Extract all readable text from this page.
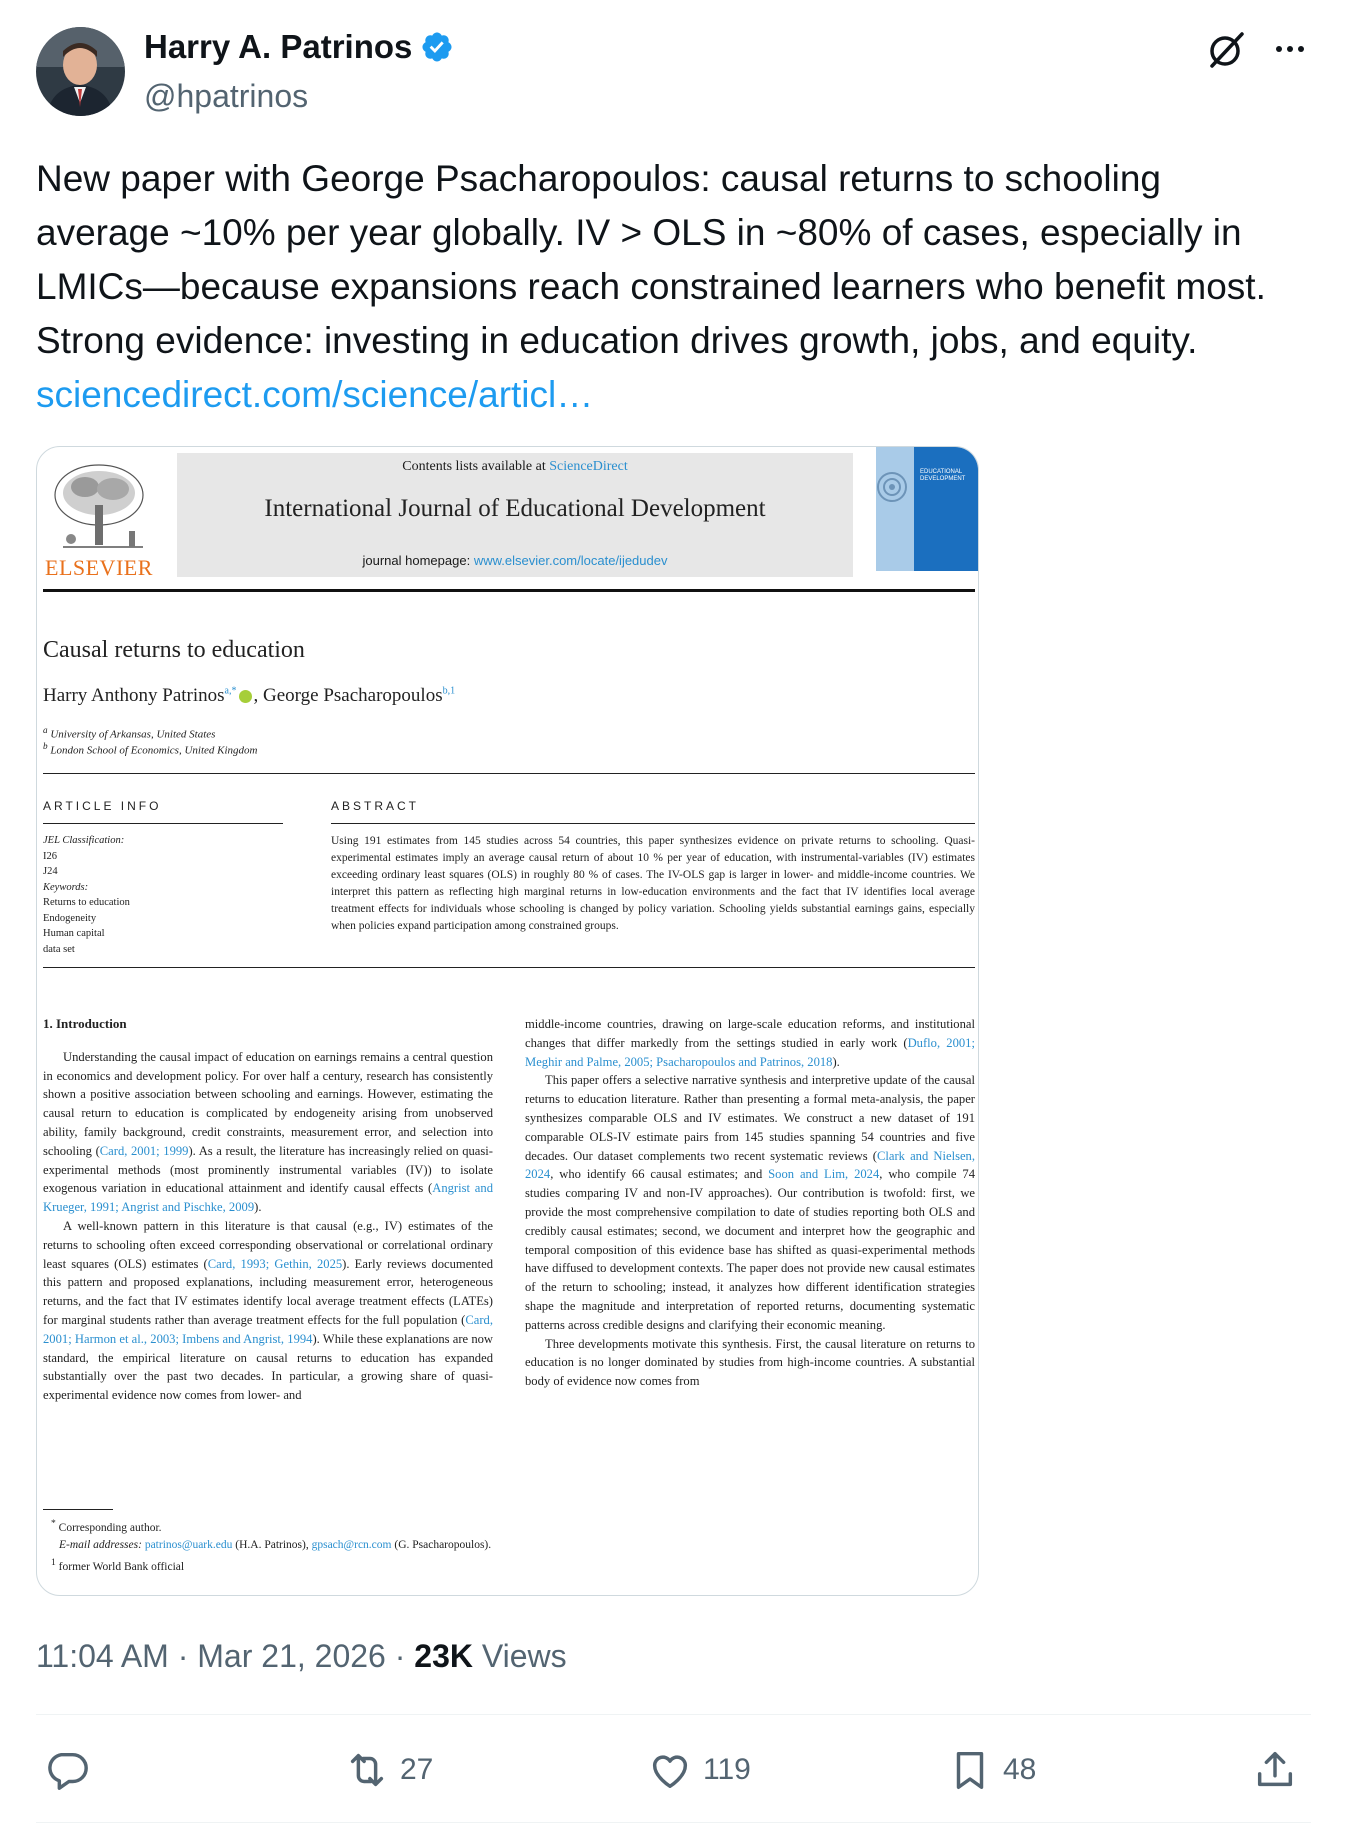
Harry A. Patrinos
@hpatrinos
New paper with George Psacharopoulos: causal returns to schooling
average ~10% per year globally. IV > OLS in ~80% of cases, especially in
LMICs—because expansions reach constrained learners who benefit most.
Strong evidence: investing in education drives growth, jobs, and equity.
sciencedirect.com/science/articl…
ELSEVIER
Contents lists available at ScienceDirect
International Journal of Educational Development
journal homepage: www.elsevier.com/locate/ijedudev
EDUCATIONAL DEVELOPMENT
Causal returns to education
Harry Anthony Patrinos$^{a,*}$ , George Psacharopoulos$^{b,1}$
$^a$ University of Arkansas, United States
$^b$ London School of Economics, United Kingdom
ARTICLE INFO	ABSTRACT
JEL Classification:
I26
J24
Keywords:
Returns to education
Endogeneity
Human capital
data set
Using 191 estimates from 145 studies across 54 countries, this paper synthesizes evidence on private returns to schooling. Quasi-experimental estimates imply an average causal return of about 10 % per year of education, with instrumental-variables (IV) estimates exceeding ordinary least squares (OLS) in roughly 80 % of cases. The IV-OLS gap is larger in lower- and middle-income countries. We interpret this pattern as reflecting high marginal returns in low-education environments and the fact that IV identifies local average treatment effects for individuals whose schooling is changed by policy variation. Schooling yields substantial earnings gains, especially when policies expand participation among constrained groups.
1. Introduction

Understanding the causal impact of education on earnings remains a central question in economics and development policy. For over half a century, research has consistently shown a positive association between schooling and earnings. However, estimating the causal return to education is complicated by endogeneity arising from unobserved ability, family background, credit constraints, measurement error, and selection into schooling (Card, 2001; 1999). As a result, the literature has increasingly relied on quasi-experimental methods (most prominently instrumental variables (IV)) to isolate exogenous variation in educational attainment and identify causal effects (Angrist and Krueger, 1991; Angrist and Pischke, 2009).

A well-known pattern in this literature is that causal (e.g., IV) estimates of the returns to schooling often exceed corresponding observational or correlational ordinary least squares (OLS) estimates (Card, 1993; Gethin, 2025). Early reviews documented this pattern and proposed explanations, including measurement error, heterogeneous returns, and the fact that IV estimates identify local average treatment effects (LATEs) for marginal students rather than average treatment effects for the full population (Card, 2001; Harmon et al., 2003; Imbens and Angrist, 1994). While these explanations are now standard, the empirical literature on causal returns to education has expanded substantially over the past two decades. In particular, a growing share of quasi-experimental evidence now comes from lower- and

middle-income countries, drawing on large-scale education reforms, and institutional changes that differ markedly from the settings studied in early work (Duflo, 2001; Meghir and Palme, 2005; Psacharopoulos and Patrinos, 2018).

This paper offers a selective narrative synthesis and interpretive update of the causal returns to education literature. Rather than presenting a formal meta-analysis, the paper synthesizes comparable OLS and IV estimates. We construct a new dataset of 191 comparable OLS-IV estimate pairs from 145 studies spanning 54 countries and five decades. Our dataset complements two recent systematic reviews (Clark and Nielsen, 2024, who identify 66 causal estimates; and Soon and Lim, 2024, who compile 74 studies comparing IV and non-IV approaches). Our contribution is twofold: first, we provide the most comprehensive compilation to date of studies reporting both OLS and credibly causal estimates; second, we document and interpret how the geographic and temporal composition of this evidence base has shifted as quasi-experimental methods have diffused to development contexts. The paper does not provide new causal estimates of the return to schooling; instead, it analyzes how different identification strategies shape the magnitude and interpretation of reported returns, documenting systematic patterns across credible designs and clarifying their economic meaning.

Three developments motivate this synthesis. First, the causal literature on returns to education is no longer dominated by studies from high-income countries. A substantial body of evidence now comes from

* Corresponding author.
E-mail addresses: patrinos@uark.edu (H.A. Patrinos), gpsach@rcn.com (G. Psacharopoulos).
$^1$ former World Bank official
11:04 AM · Mar 21, 2026 · 23K Views
27	119	48
